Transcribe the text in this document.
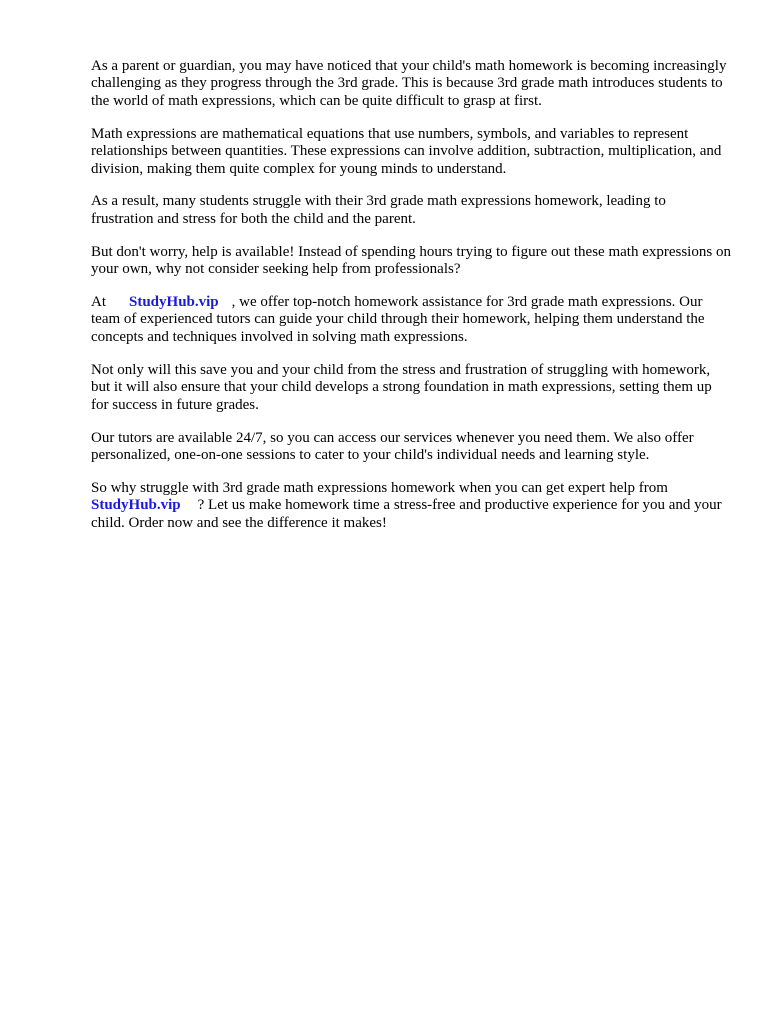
As a parent or guardian, you may have noticed that your child's math homework is becoming increasingly challenging as they progress through the 3rd grade. This is because 3rd grade math introduces students to the world of math expressions, which can be quite difficult to grasp at first.

Math expressions are mathematical equations that use numbers, symbols, and variables to represent relationships between quantities. These expressions can involve addition, subtraction, multiplication, and division, making them quite complex for young minds to understand.

As a result, many students struggle with their 3rd grade math expressions homework, leading to frustration and stress for both the child and the parent.

But don't worry, help is available! Instead of spending hours trying to figure out these math expressions on your own, why not consider seeking help from professionals?

At StudyHub.vip , we offer top-notch homework assistance for 3rd grade math expressions. Our team of experienced tutors can guide your child through their homework, helping them understand the concepts and techniques involved in solving math expressions.

Not only will this save you and your child from the stress and frustration of struggling with homework, but it will also ensure that your child develops a strong foundation in math expressions, setting them up for success in future grades.

Our tutors are available 24/7, so you can access our services whenever you need them. We also offer personalized, one-on-one sessions to cater to your child's individual needs and learning style.

So why struggle with 3rd grade math expressions homework when you can get expert help from StudyHub.vip ? Let us make homework time a stress-free and productive experience for you and your child. Order now and see the difference it makes!
